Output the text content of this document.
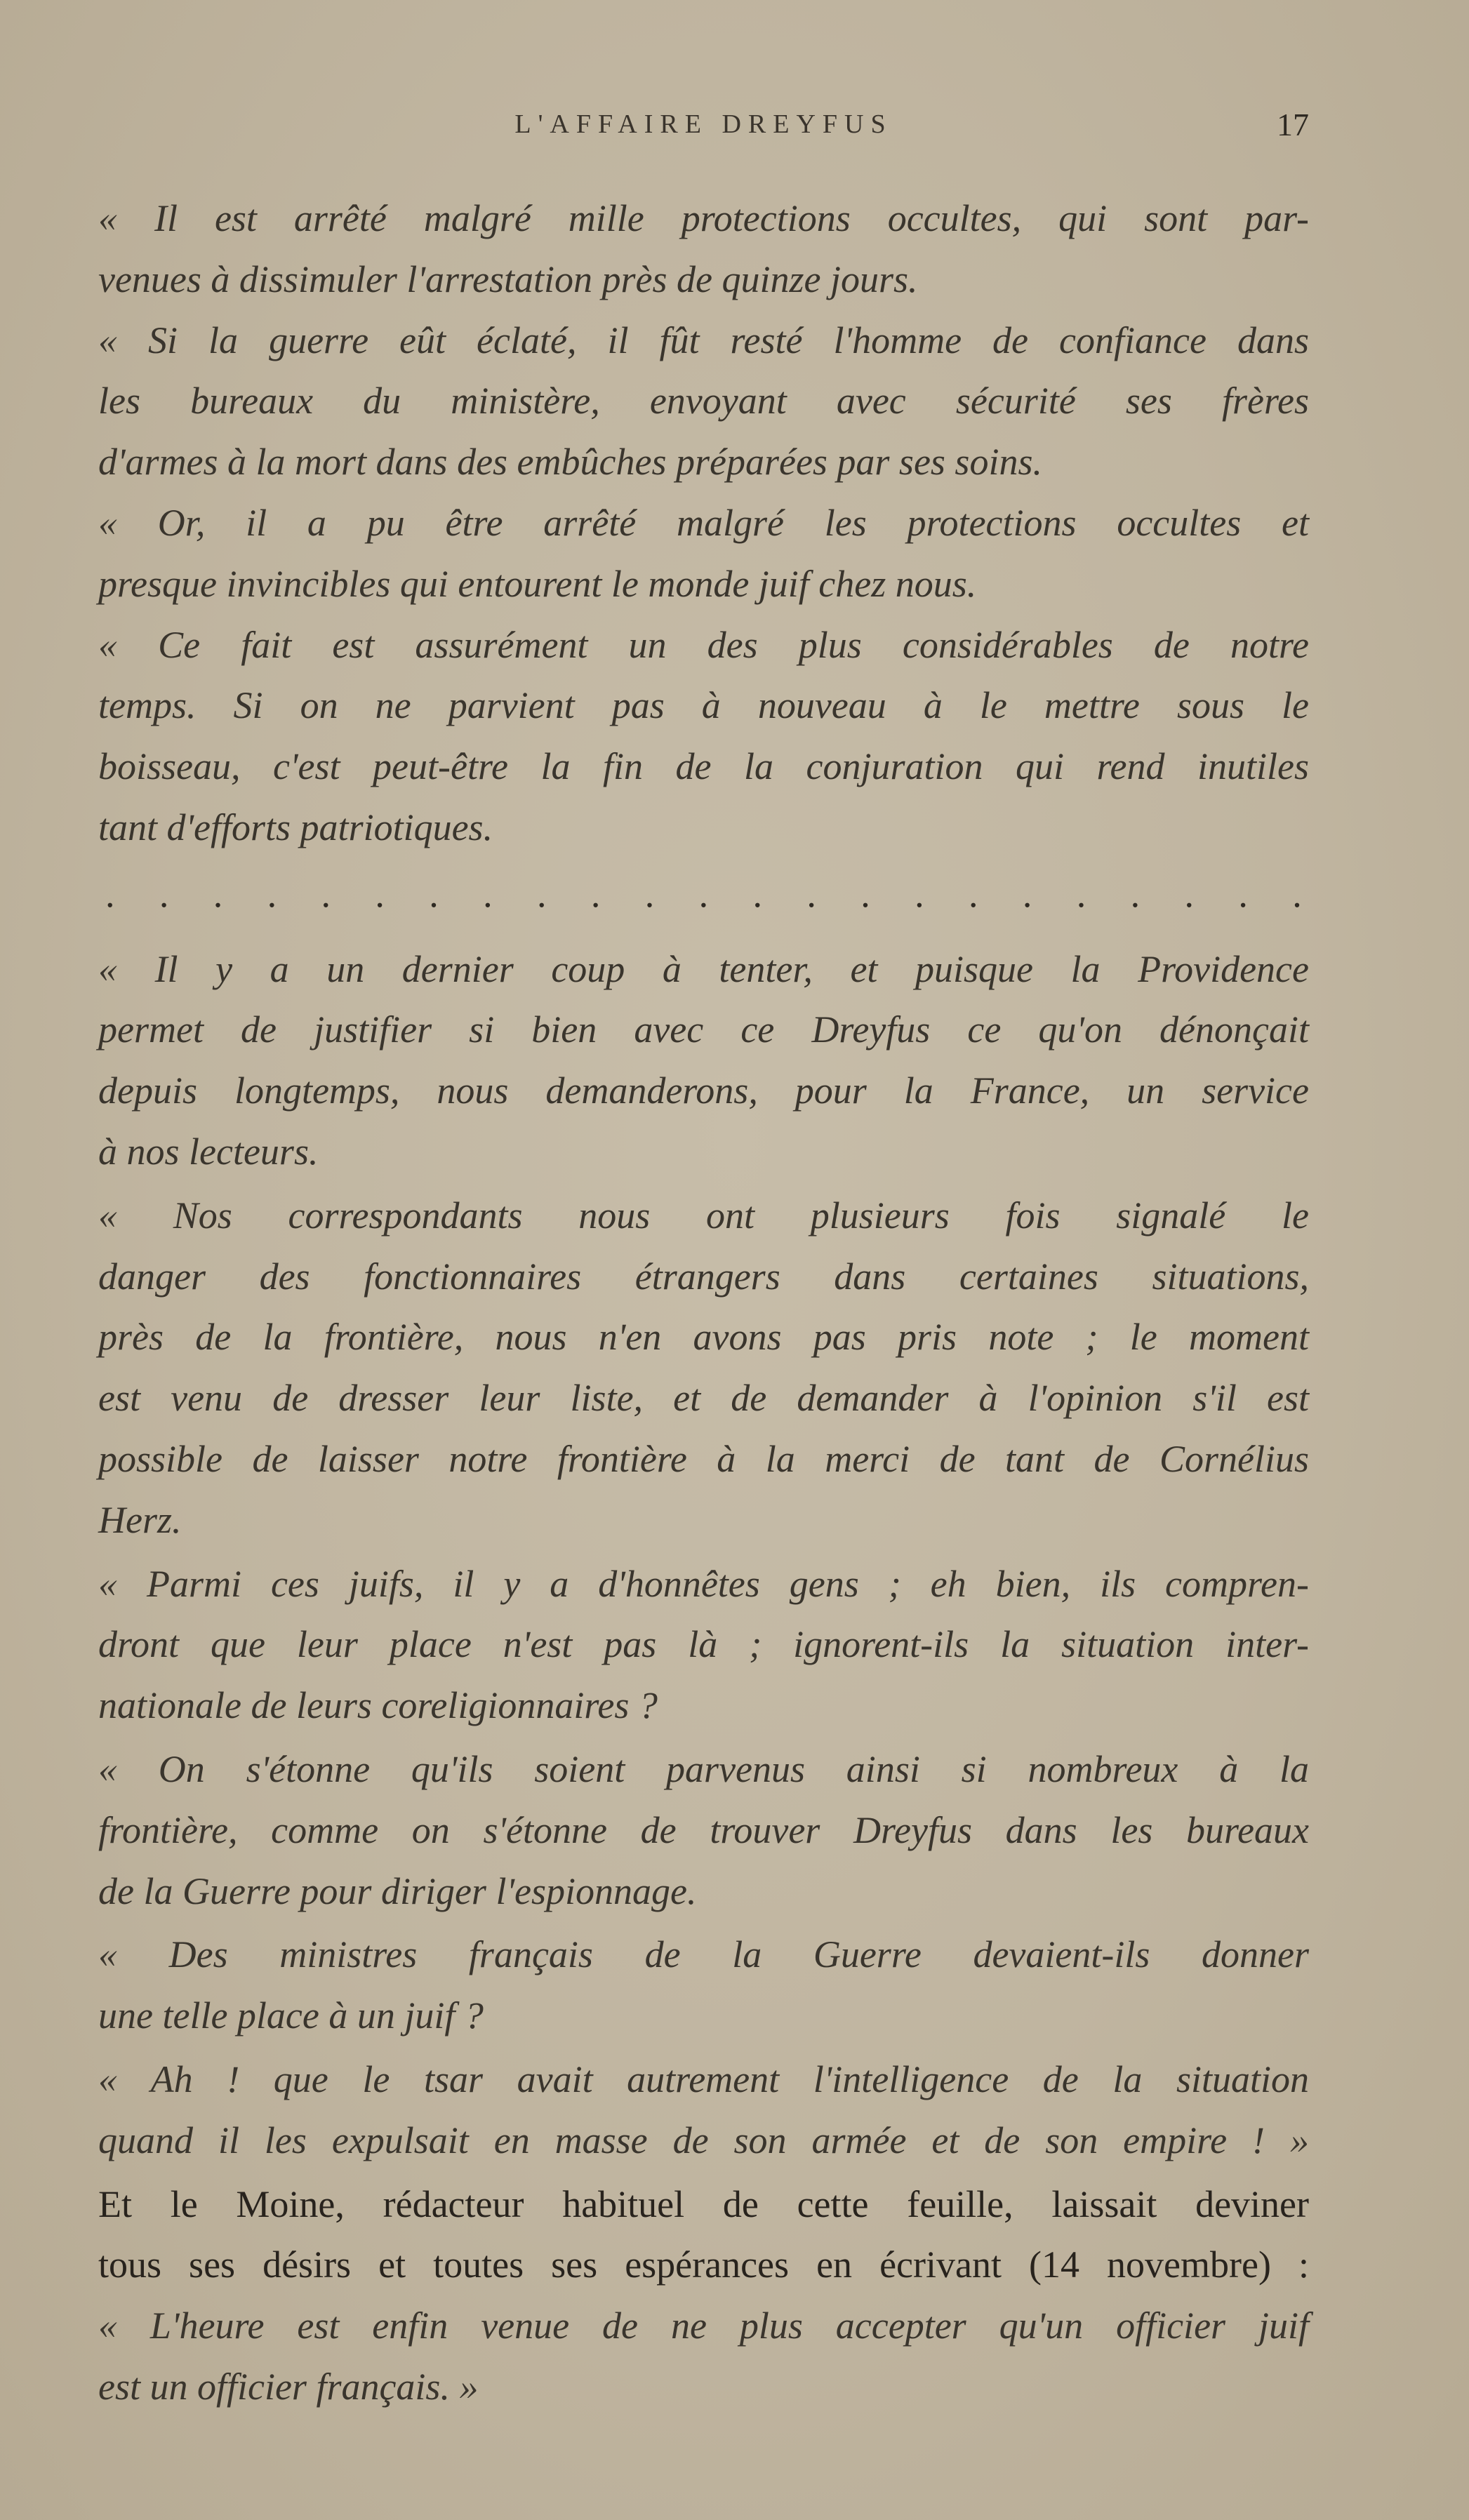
L'AFFAIRE DREYFUS	17
« Il est arrêté malgré mille protections occultes, qui sont par-
venues à dissimuler l'arrestation près de quinze jours.
« Si la guerre eût éclaté, il fût resté l'homme de confiance dans
les bureaux du ministère, envoyant avec sécurité ses frères
d'armes à la mort dans des embûches préparées par ses soins.
« Or, il a pu être arrêté malgré les protections occultes et
presque invincibles qui entourent le monde juif chez nous.
« Ce fait est assurément un des plus considérables de notre
temps. Si on ne parvient pas à nouveau à le mettre sous le
boisseau, c'est peut-être la fin de la conjuration qui rend inutiles
tant d'efforts patriotiques.
. . . . . . . . . . . . . . . . . . . . . . .
« Il y a un dernier coup à tenter, et puisque la Providence
permet de justifier si bien avec ce Dreyfus ce qu'on dénonçait
depuis longtemps, nous demanderons, pour la France, un service
à nos lecteurs.
« Nos correspondants nous ont plusieurs fois signalé le
danger des fonctionnaires étrangers dans certaines situations,
près de la frontière, nous n'en avons pas pris note ; le moment
est venu de dresser leur liste, et de demander à l'opinion s'il est
possible de laisser notre frontière à la merci de tant de Cornélius
Herz.
« Parmi ces juifs, il y a d'honnêtes gens ; eh bien, ils compren-
dront que leur place n'est pas là ; ignorent-ils la situation inter-
nationale de leurs coreligionnaires ?
« On s'étonne qu'ils soient parvenus ainsi si nombreux à la
frontière, comme on s'étonne de trouver Dreyfus dans les bureaux
de la Guerre pour diriger l'espionnage.
« Des ministres français de la Guerre devaient-ils donner
une telle place à un juif ?
« Ah ! que le tsar avait autrement l'intelligence de la situation
quand il les expulsait en masse de son armée et de son empire ! »
Et le Moine, rédacteur habituel de cette feuille, laissait deviner
tous ses désirs et toutes ses espérances en écrivant (14 novembre) :
« L'heure est enfin venue de ne plus accepter qu'un officier juif
est un officier français. »
